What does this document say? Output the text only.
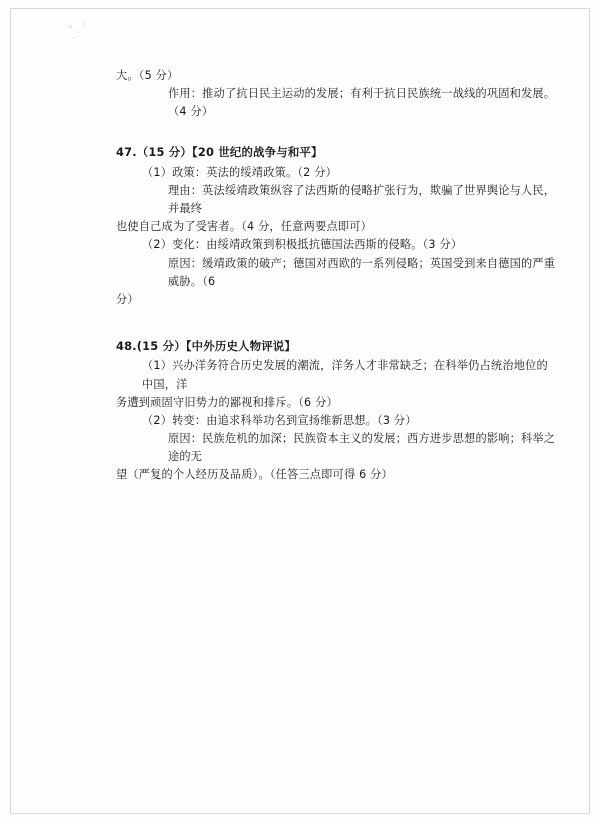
大。（5 分）
作用：推动了抗日民主运动的发展；有利于抗日民族统一战线的巩固和发展。（4 分）
47.（15 分）【20 世纪的战争与和平】
（1）政策：英法的绥靖政策。（2 分）
理由：英法绥靖政策纵容了法西斯的侵略扩张行为，欺骗了世界舆论与人民，并最终
也使自己成为了受害者。（4 分，任意两要点即可）
（2）变化：由绥靖政策到积极抵抗德国法西斯的侵略。（3 分）
原因：缓靖政策的破产；德国对西欧的一系列侵略；英国受到来自德国的严重威胁。（6
分）
48.(15 分）【中外历史人物评说】
（1）兴办洋务符合历史发展的潮流，洋务人才非常缺乏；在科举仍占统治地位的中国，洋
务遭到顽固守旧势力的鄙视和排斥。（6 分）
（2）转变：由追求科举功名到宣扬维新思想。（3 分）
原因：民族危机的加深；民族资本主义的发展；西方进步思想的影响；科举之途的无
望（严复的个人经历及品质）。（任答三点即可得 6 分）
